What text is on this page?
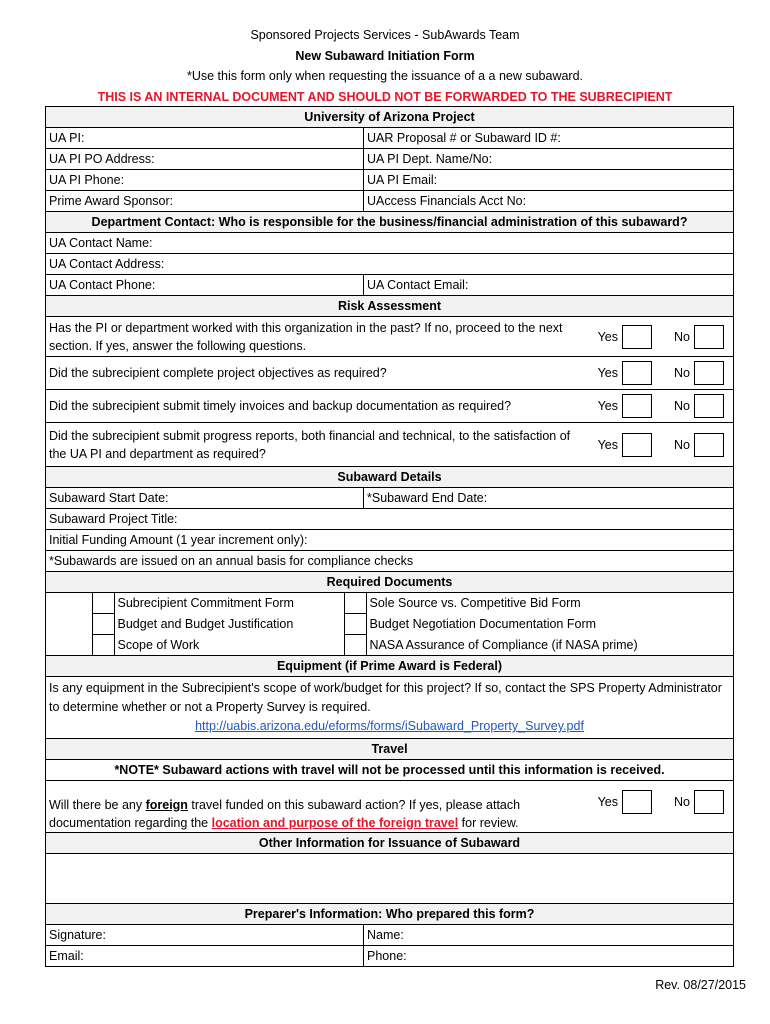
Sponsored Projects Services - SubAwards Team
New Subaward Initiation Form
*Use this form only when requesting the issuance of a a new subaward.
THIS IS AN INTERNAL DOCUMENT AND SHOULD NOT BE FORWARDED TO THE SUBRECIPIENT
University of Arizona Project
UA PI:	UAR Proposal # or Subaward ID #:
UA PI PO Address:	UA PI Dept. Name/No:
UA PI Phone:	UA PI Email:
Prime Award Sponsor:	UAccess Financials Acct No:
Department Contact: Who is responsible for the business/financial administration of this subaward?
UA Contact Name:
UA Contact Address:
UA Contact Phone:	UA Contact Email:
Risk Assessment

Has the PI or department worked with this organization in the past? If no, proceed to the next section. If yes, answer the following questions.
Yes	No

Did the subrecipient complete project objectives as required?	Yes	No

Did the subrecipient submit timely invoices and backup documentation as required?	Yes	No

Did the subrecipient submit progress reports, both financial and technical, to the satisfaction of the UA PI and department as required?
Yes	No

Subaward Details
Subaward Start Date:	*Subaward End Date:
Subaward Project Title:
Initial Funding Amount (1 year increment only):
*Subawards are issued on an annual basis for compliance checks
Required Documents

		Subrecipient Commitment Form		Sole Source vs. Competitive Bid Form
		Budget and Budget Justification		Budget Negotiation Documentation Form
		Scope of Work		NASA Assurance of Compliance (if NASA prime)

Equipment (if Prime Award is Federal)

Is any equipment in the Subrecipient's scope of work/budget for this project? If so, contact the SPS Property Administrator to determine whether or not a Property Survey is required.
http://uabis.arizona.edu/eforms/forms/iSubaward_Property_Survey.pdf

Travel
*NOTE* Subaward actions with travel will not be processed until this information is received.

Will there be any foreign travel funded on this subaward action? If yes, please attach documentation regarding the location and purpose of the foreign travel for review.
Yes	No

Other Information for Issuance of Subaward

Preparer's Information: Who prepared this form?
Signature:	Name:
Email:	Phone:
Rev. 08/27/2015
